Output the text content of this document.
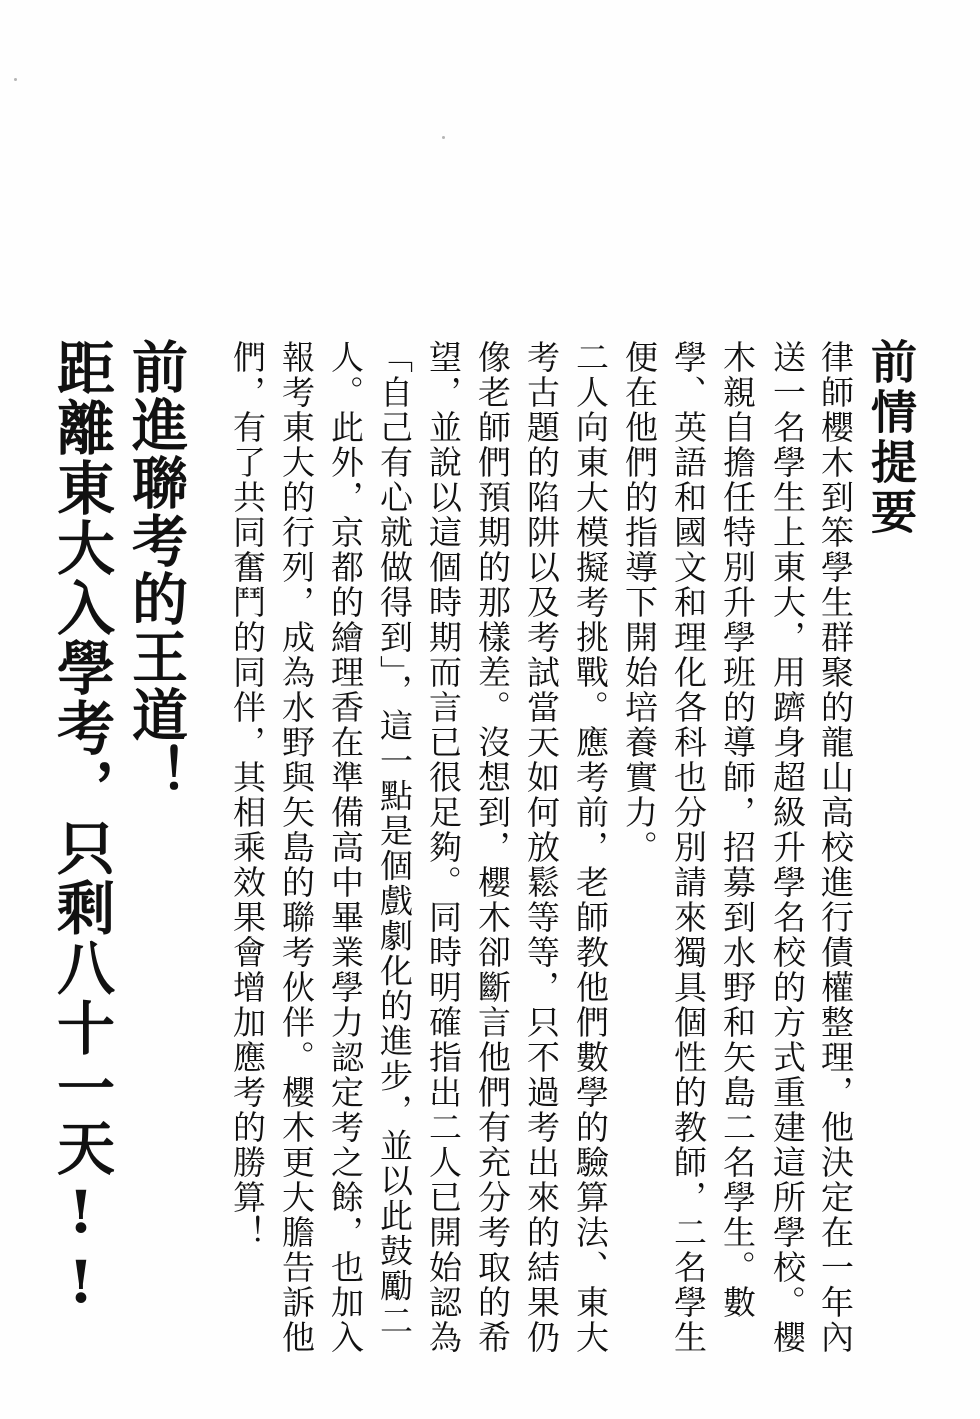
前情提要
律師櫻木到笨學生群聚的龍山高校進行債權整理，他決定在一年內
送一名學生上東大，用躋身超級升學名校的方式重建這所學校。櫻
木親自擔任特別升學班的導師，招募到水野和矢島二名學生。數
學、英語和國文和理化各科也分別請來獨具個性的教師，二名學生
便在他們的指導下開始培養實力。
二人向東大模擬考挑戰。應考前，老師教他們數學的驗算法、東大
考古題的陷阱以及考試當天如何放鬆等等，只不過考出來的結果仍
像老師們預期的那樣差。沒想到，櫻木卻斷言他們有充分考取的希
望，並說以這個時期而言已很足夠。同時明確指出二人已開始認為
「自己有心就做得到」，這一點是個戲劇化的進步，並以此鼓勵二
人。此外，京都的繪理香在準備高中畢業學力認定考之餘，也加入
報考東大的行列，成為水野與矢島的聯考伙伴。櫻木更大膽告訴他
們，有了共同奮鬥的同伴，其相乘效果會增加應考的勝算！
前進聯考的王道！
距離東大入學考，只剩八十一天!!
